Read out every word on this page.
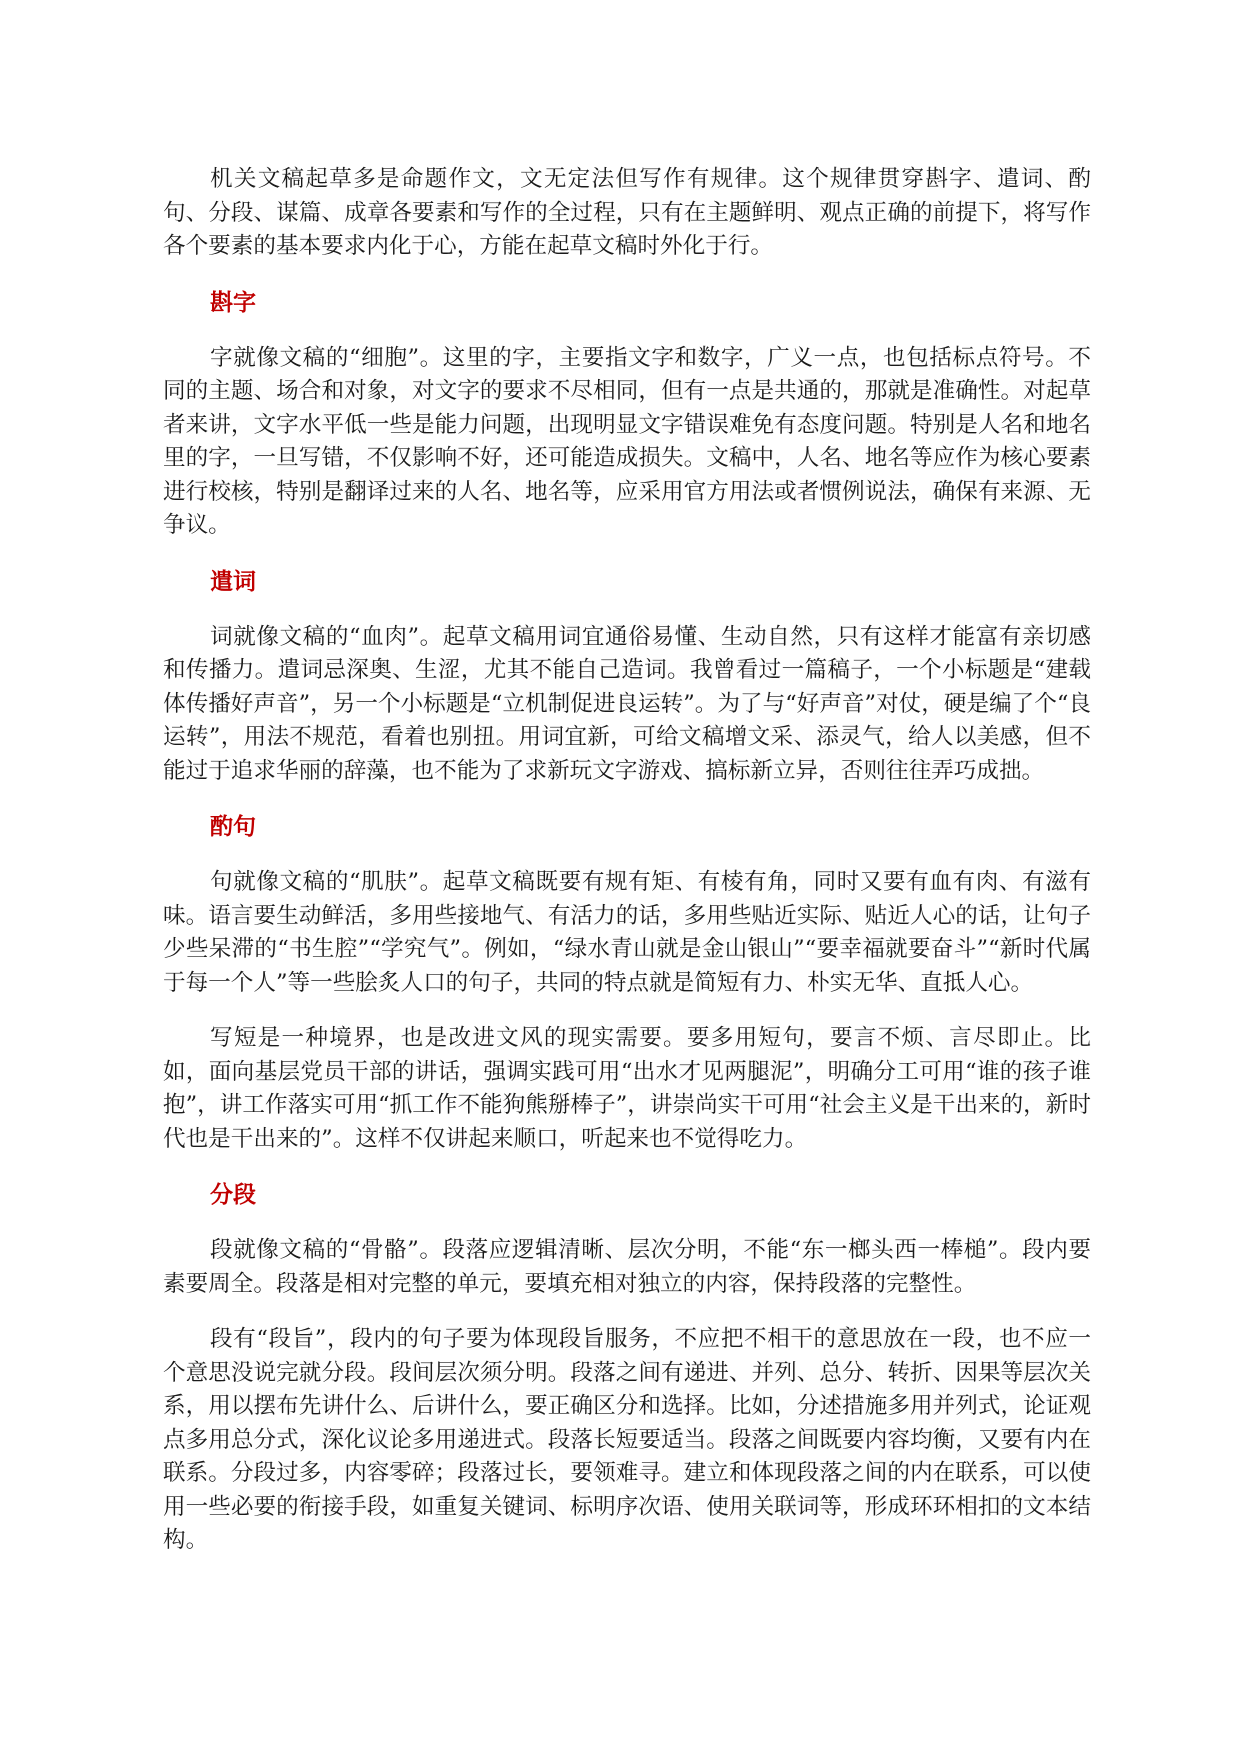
机关文稿起草多是命题作文，文无定法但写作有规律。这个规律贯穿斟字、遣词、酌句、分段、谋篇、成章各要素和写作的全过程，只有在主题鲜明、观点正确的前提下，将写作各个要素的基本要求内化于心，方能在起草文稿时外化于行。

斟字

字就像文稿的“细胞”。这里的字，主要指文字和数字，广义一点，也包括标点符号。不同的主题、场合和对象，对文字的要求不尽相同，但有一点是共通的，那就是准确性。对起草者来讲，文字水平低一些是能力问题，出现明显文字错误难免有态度问题。特别是人名和地名里的字，一旦写错，不仅影响不好，还可能造成损失。文稿中，人名、地名等应作为核心要素进行校核，特别是翻译过来的人名、地名等，应采用官方用法或者惯例说法，确保有来源、无争议。

遣词

词就像文稿的“血肉”。起草文稿用词宜通俗易懂、生动自然，只有这样才能富有亲切感和传播力。遣词忌深奥、生涩，尤其不能自己造词。我曾看过一篇稿子，一个小标题是“建载体传播好声音”，另一个小标题是“立机制促进良运转”。为了与“好声音”对仗，硬是编了个“良运转”，用法不规范，看着也别扭。用词宜新，可给文稿增文采、添灵气，给人以美感，但不能过于追求华丽的辞藻，也不能为了求新玩文字游戏、搞标新立异，否则往往弄巧成拙。

酌句

句就像文稿的“肌肤”。起草文稿既要有规有矩、有棱有角，同时又要有血有肉、有滋有味。语言要生动鲜活，多用些接地气、有活力的话，多用些贴近实际、贴近人心的话，让句子少些呆滞的“书生腔”“学究气”。例如，“绿水青山就是金山银山”“要幸福就要奋斗”“新时代属于每一个人”等一些脍炙人口的句子，共同的特点就是简短有力、朴实无华、直抵人心。

写短是一种境界，也是改进文风的现实需要。要多用短句，要言不烦、言尽即止。比如，面向基层党员干部的讲话，强调实践可用“出水才见两腿泥”，明确分工可用“谁的孩子谁抱”，讲工作落实可用“抓工作不能狗熊掰棒子”，讲崇尚实干可用“社会主义是干出来的，新时代也是干出来的”。这样不仅讲起来顺口，听起来也不觉得吃力。

分段

段就像文稿的“骨骼”。段落应逻辑清晰、层次分明，不能“东一榔头西一棒槌”。段内要素要周全。段落是相对完整的单元，要填充相对独立的内容，保持段落的完整性。

段有“段旨”，段内的句子要为体现段旨服务，不应把不相干的意思放在一段，也不应一个意思没说完就分段。段间层次须分明。段落之间有递进、并列、总分、转折、因果等层次关系，用以摆布先讲什么、后讲什么，要正确区分和选择。比如，分述措施多用并列式，论证观点多用总分式，深化议论多用递进式。段落长短要适当。段落之间既要内容均衡，又要有内在联系。分段过多，内容零碎；段落过长，要领难寻。建立和体现段落之间的内在联系，可以使用一些必要的衔接手段，如重复关键词、标明序次语、使用关联词等，形成环环相扣的文本结构。
